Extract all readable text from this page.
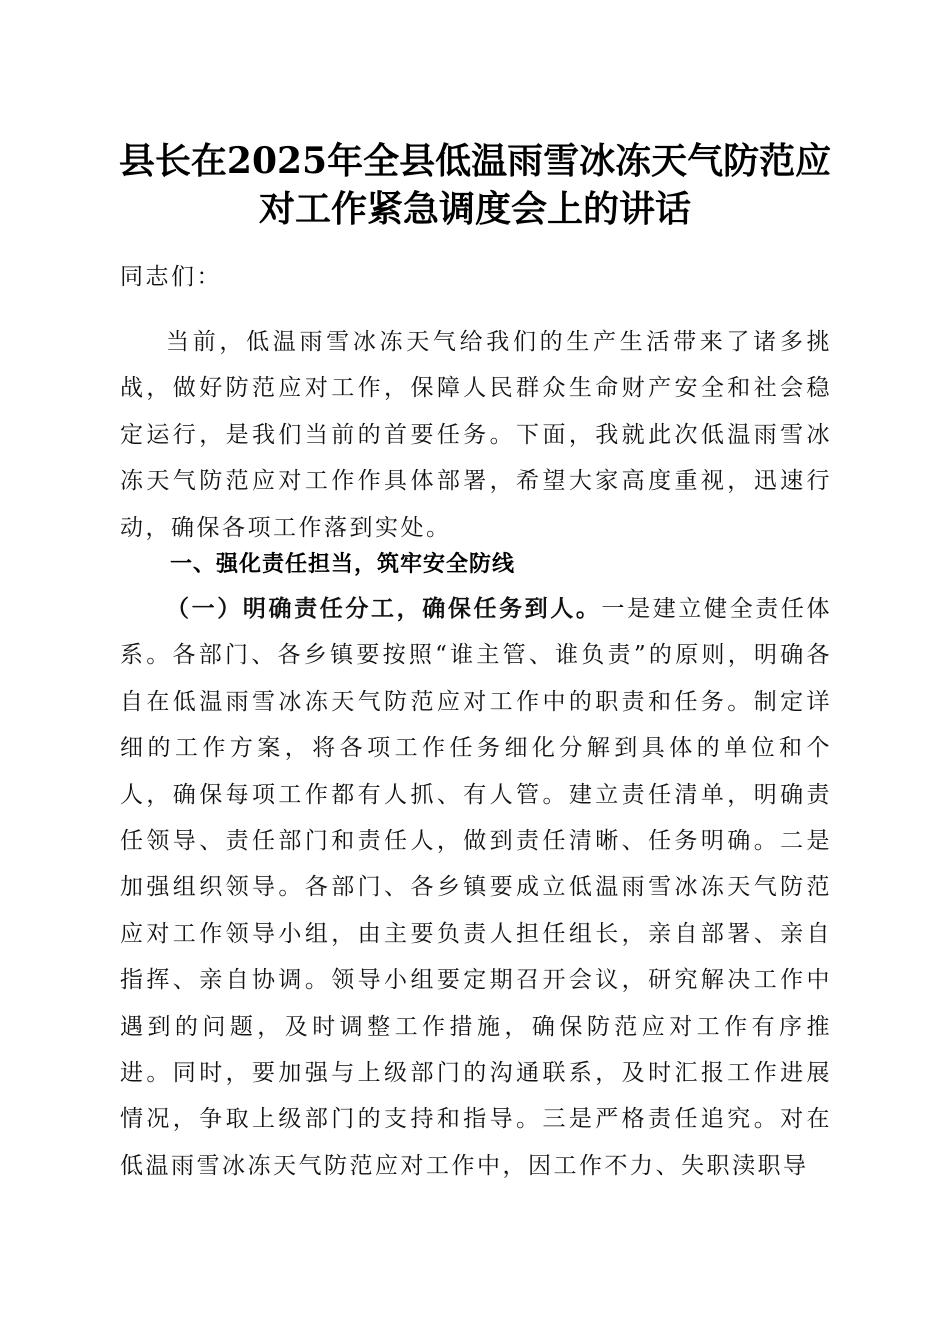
县长在2025年全县低温雨雪冰冻天气防范应
对工作紧急调度会上的讲话

同志们：

当前，低温雨雪冰冻天气给我们的生产生活带来了诸多挑战，做好防范应对工作，保障人民群众生命财产安全和社会稳定运行，是我们当前的首要任务。下面，我就此次低温雨雪冰冻天气防范应对工作作具体部署，希望大家高度重视，迅速行动，确保各项工作落到实处。

一、强化责任担当，筑牢安全防线

（一）明确责任分工，确保任务到人。一是建立健全责任体系。各部门、各乡镇要按照“谁主管、谁负责”的原则，明确各自在低温雨雪冰冻天气防范应对工作中的职责和任务。制定详细的工作方案，将各项工作任务细化分解到具体的单位和个人，确保每项工作都有人抓、有人管。建立责任清单，明确责任领导、责任部门和责任人，做到责任清晰、任务明确。二是加强组织领导。各部门、各乡镇要成立低温雨雪冰冻天气防范应对工作领导小组，由主要负责人担任组长，亲自部署、亲自指挥、亲自协调。领导小组要定期召开会议，研究解决工作中遇到的问题，及时调整工作措施，确保防范应对工作有序推进。同时，要加强与上级部门的沟通联系，及时汇报工作进展情况，争取上级部门的支持和指导。三是严格责任追究。对在低温雨雪冰冻天气防范应对工作中，因工作不力、失职渎职导
